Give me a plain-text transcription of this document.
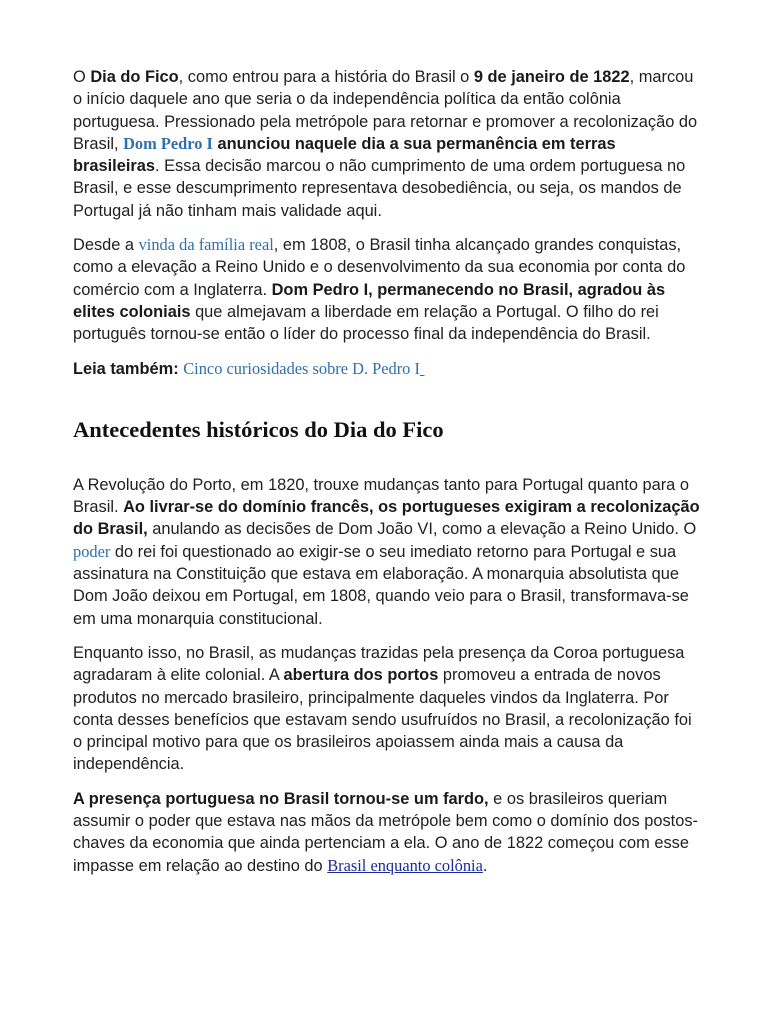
O Dia do Fico, como entrou para a história do Brasil o 9 de janeiro de 1822, marcou o início daquele ano que seria o da independência política da então colônia portuguesa. Pressionado pela metrópole para retornar e promover a recolonização do Brasil, Dom Pedro I anunciou naquele dia a sua permanência em terras brasileiras. Essa decisão marcou o não cumprimento de uma ordem portuguesa no Brasil, e esse descumprimento representava desobediência, ou seja, os mandos de Portugal já não tinham mais validade aqui.

Desde a vinda da família real, em 1808, o Brasil tinha alcançado grandes conquistas, como a elevação a Reino Unido e o desenvolvimento da sua economia por conta do comércio com a Inglaterra. Dom Pedro I, permanecendo no Brasil, agradou às elites coloniais que almejavam a liberdade em relação a Portugal. O filho do rei português tornou-se então o líder do processo final da independência do Brasil.

Leia também: Cinco curiosidades sobre D. Pedro I

Antecedentes históricos do Dia do Fico

A Revolução do Porto, em 1820, trouxe mudanças tanto para Portugal quanto para o Brasil. Ao livrar-se do domínio francês, os portugueses exigiram a recolonização do Brasil, anulando as decisões de Dom João VI, como a elevação a Reino Unido. O poder do rei foi questionado ao exigir-se o seu imediato retorno para Portugal e sua assinatura na Constituição que estava em elaboração. A monarquia absolutista que Dom João deixou em Portugal, em 1808, quando veio para o Brasil, transformava-se em uma monarquia constitucional.

Enquanto isso, no Brasil, as mudanças trazidas pela presença da Coroa portuguesa agradaram à elite colonial. A abertura dos portos promoveu a entrada de novos produtos no mercado brasileiro, principalmente daqueles vindos da Inglaterra. Por conta desses benefícios que estavam sendo usufruídos no Brasil, a recolonização foi o principal motivo para que os brasileiros apoiassem ainda mais a causa da independência.

A presença portuguesa no Brasil tornou-se um fardo, e os brasileiros queriam assumir o poder que estava nas mãos da metrópole bem como o domínio dos postos-chaves da economia que ainda pertenciam a ela. O ano de 1822 começou com esse impasse em relação ao destino do Brasil enquanto colônia.
